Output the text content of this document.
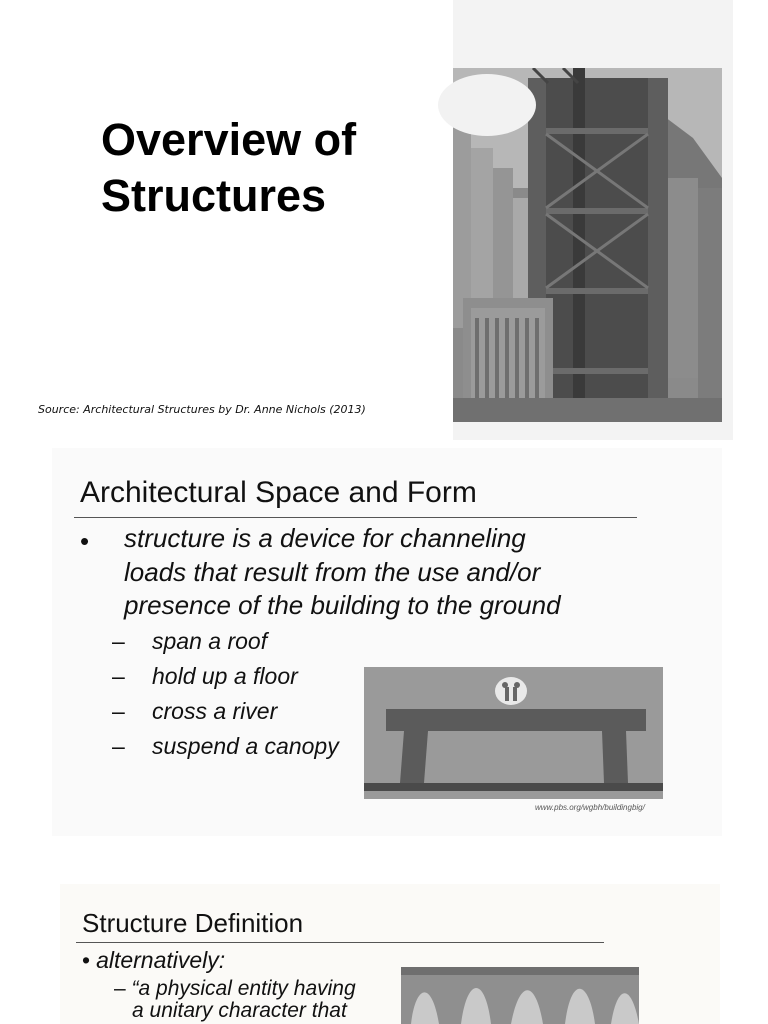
Overview of
Structures
Source: Architectural Structures by Dr. Anne Nichols (2013)
Architectural Space and Form
• structure is a device for channeling
loads that result from the use and/or
presence of the building to the ground
– span a roof
– hold up a floor
– cross a river
– suspend a canopy
www.pbs.org/wgbh/buildingbig/
Structure Definition
• alternatively:
– “a physical entity having
a unitary character that
